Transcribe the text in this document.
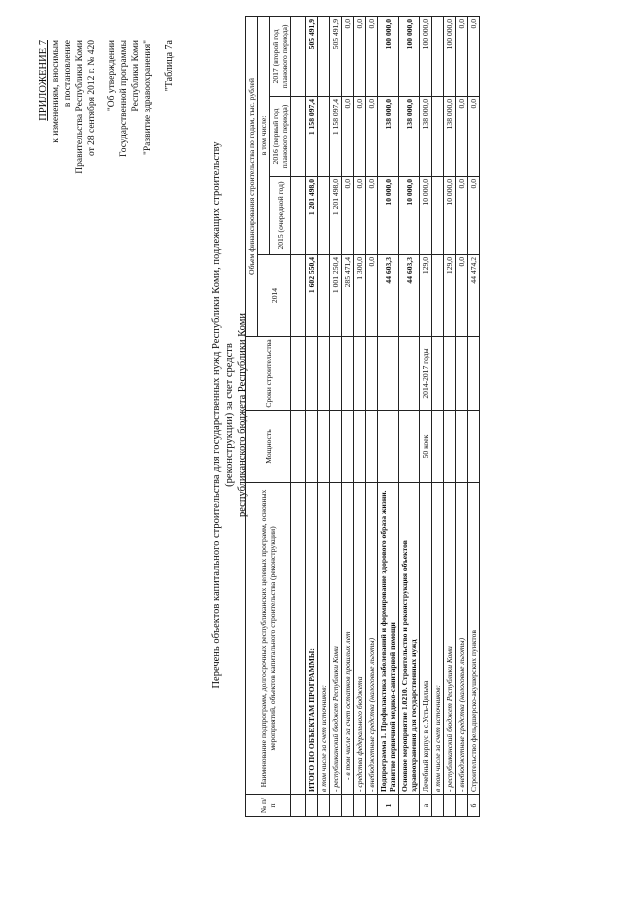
ПРИЛОЖЕНИЕ 7 к изменениям, вносимым в постановление Правительства Республики Коми от 28 сентября 2012 г. № 420 "Об утверждении Государственной программы Республики Коми "Развитие здравоохранения" "Таблица 7а
Перечень объектов капитального строительства для государственных нужд Республики Коми, подлежащих строительству (реконструкции) за счет средств республиканского бюджета Республики Коми
№ п/п	Наименование подпрограмм, долгосрочных республиканских целевых программ, основных мероприятий, объектов капитального строительства (реконструкции)	Мощность	Сроки строительства	Объем финансирования строительства по годам, тыс. рублей			
				2014	в том числе:		
					2015 (очередной год)	2016 (первый год планового периода)	2017 (второй год планового периода)

	ИТОГО ПО ОБЪЕКТАМ ПРОГРАММЫ:			1 602 550,4	1 201 498,0	1 158 097,4	505 491,9
	в том числе за счет источников:						
	- республиканский бюджет Республики Коми			1 001 250,4	1 201 498,0	1 158 097,4	505 491,9
	- в том числе за счет остатков прошлых лет			285 471,4	0,0	0,0	0,0
	- средства федерального бюджета			1 300,0	0,0	0,0	0,0
	- внебюджетные средства (налоговые льготы)			0,0	0,0	0,0	0,0
1	Подпрограмма 1. Профилактика заболеваний и формирование здорового образа жизни. Развитие первичной медико-санитарной помощи			44 603,3	10 000,0	138 000,0	100 000,0
	Основное мероприятие 1.0210. Строительство и реконструкция объектов здравоохранения для государственных нужд			44 603,3	10 000,0	138 000,0	100 000,0
а	Лечебный корпус в с.Усть-Цильма	50 коек	2014-2017 годы	129,0	10 000,0	138 000,0	100 000,0
	в том числе за счет источников:						
	- республиканский бюджет Республики Коми			129,0	10 000,0	138 000,0	100 000,0
	- внебюджетные средства (налоговые льготы)			0,0	0,0	0,0	0,0
б	Строительство фельдшерско-акушерских пунктов			44 474,2	0,0	0,0	0,0
